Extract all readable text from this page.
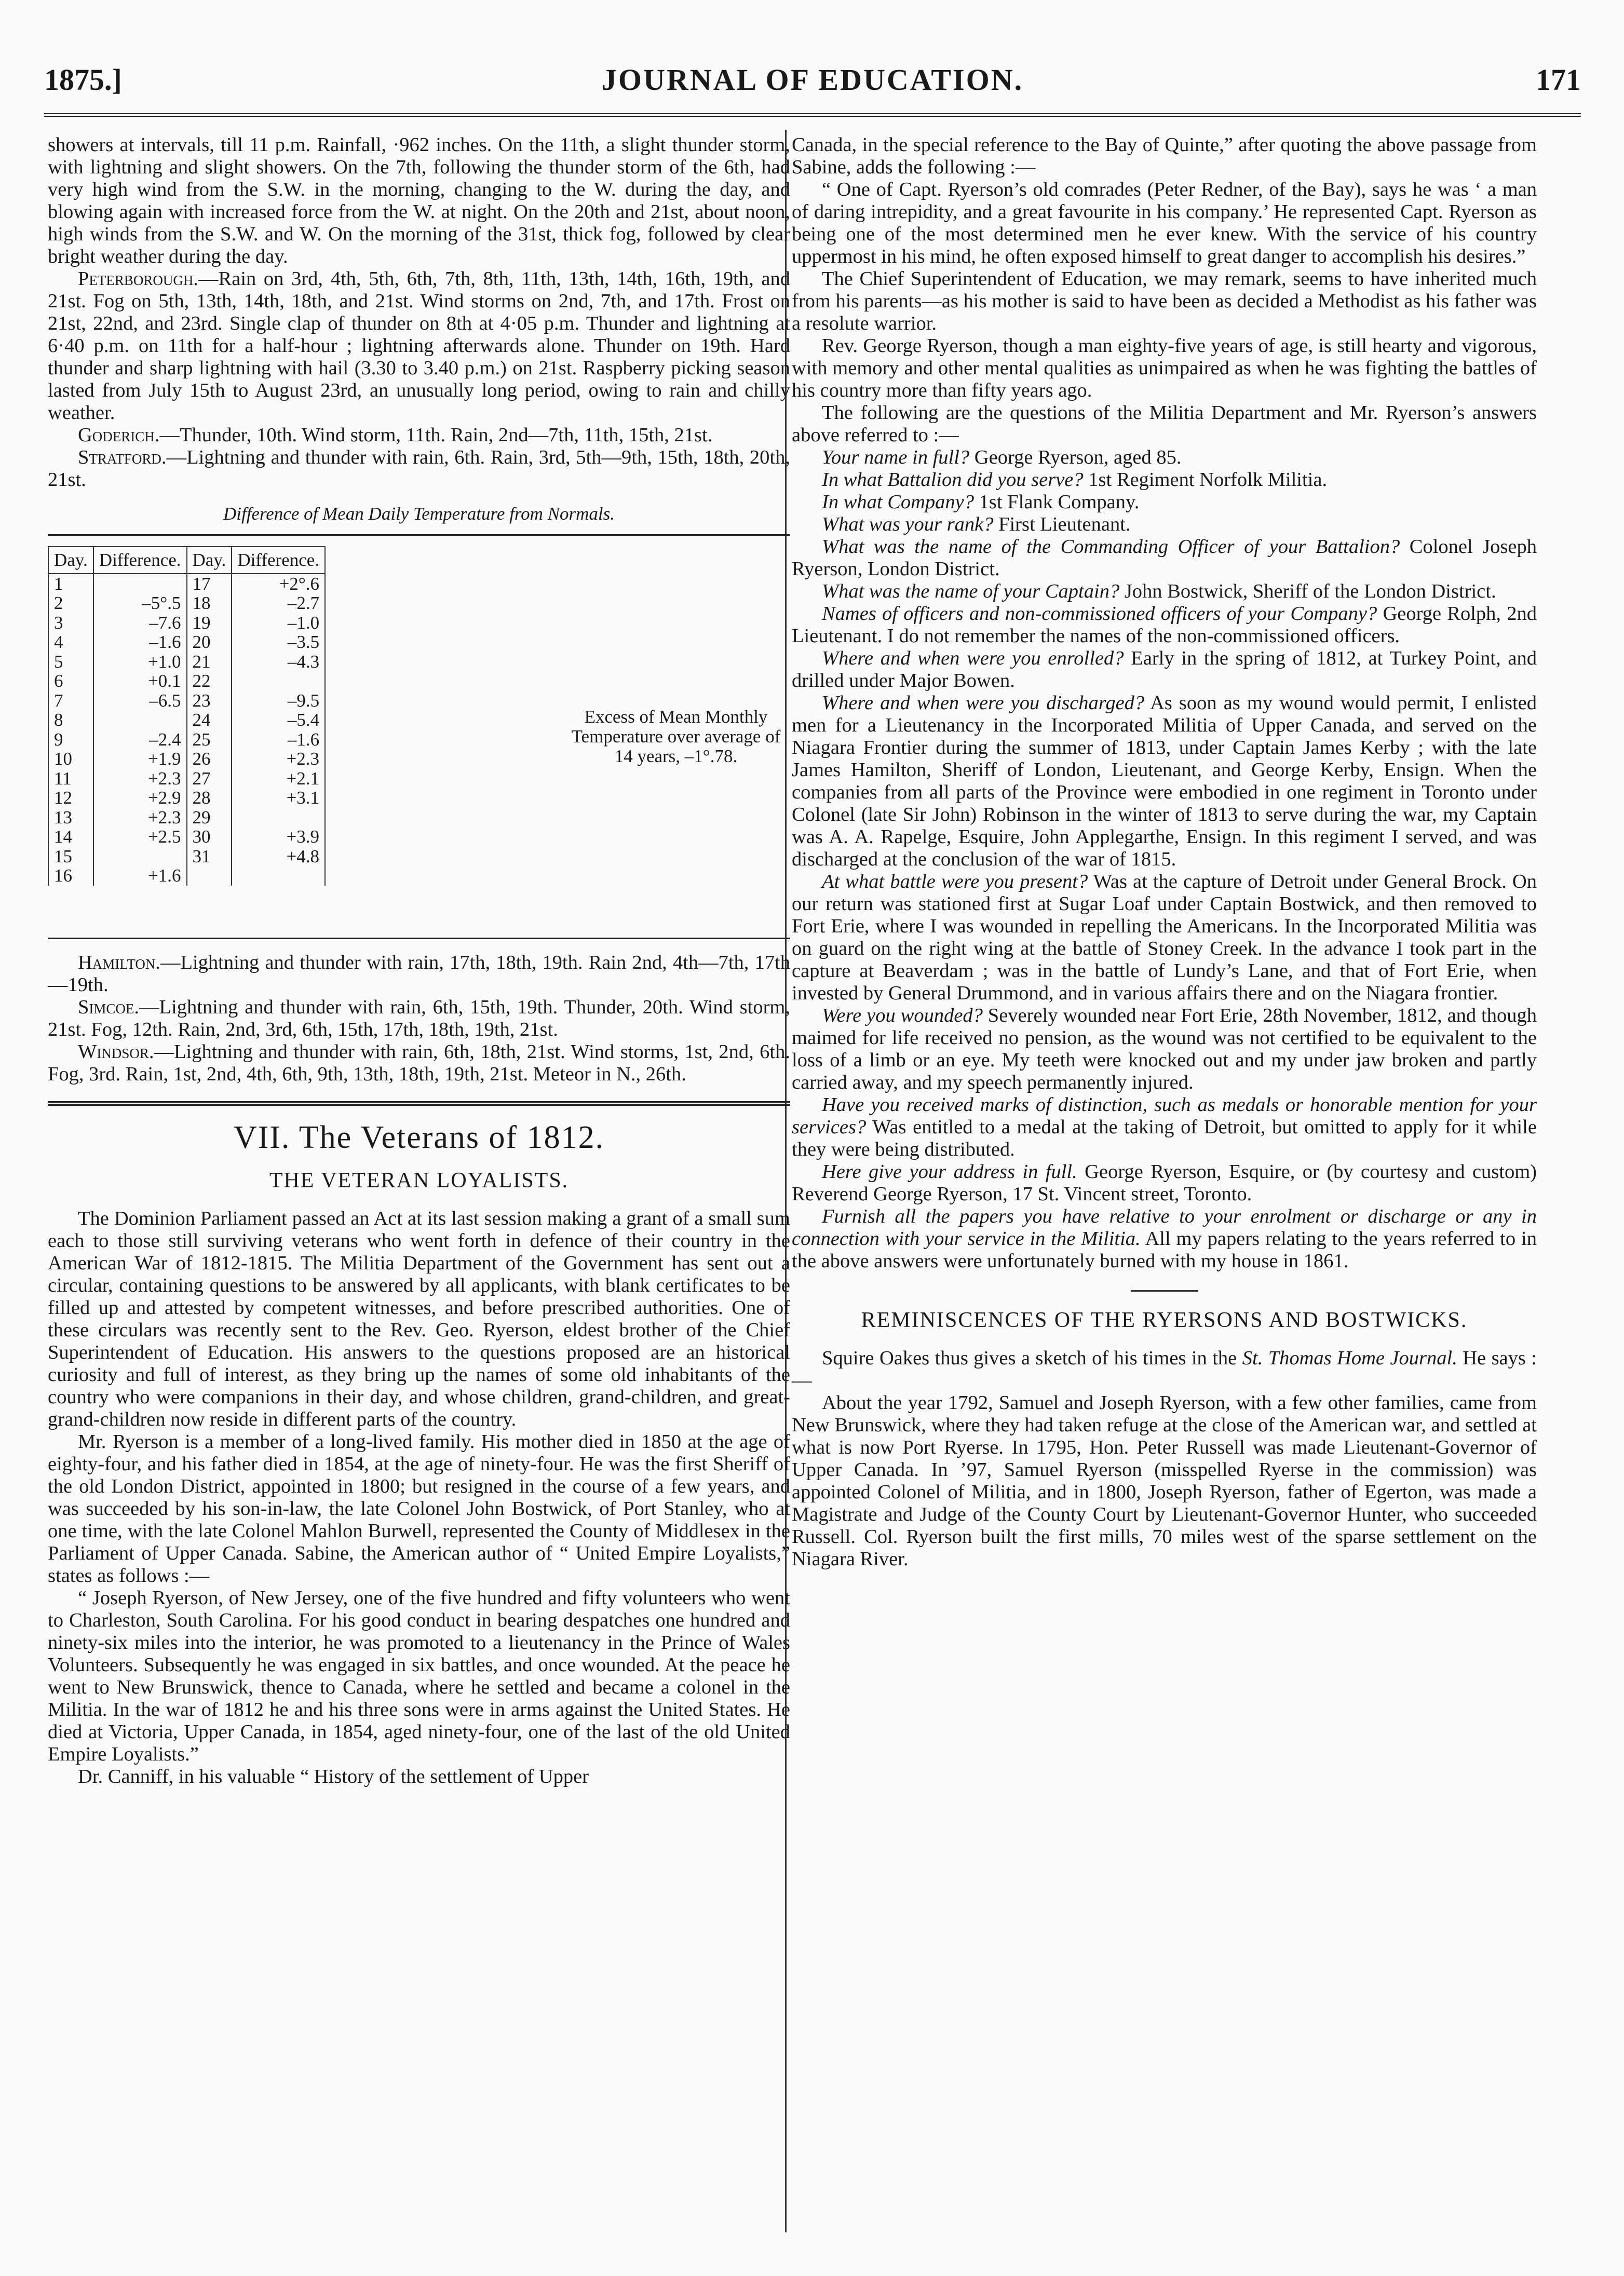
1875.]	JOURNAL OF EDUCATION.	171

showers at intervals, till 11 p.m. Rainfall, ·962 inches. On the 11th, a slight thunder storm, with lightning and slight showers. On the 7th, following the thunder storm of the 6th, had very high wind from the S.W. in the morning, changing to the W. during the day, and blowing again with increased force from the W. at night. On the 20th and 21st, about noon, high winds from the S.W. and W. On the morning of the 31st, thick fog, followed by clear bright weather during the day.

Peterborough.—Rain on 3rd, 4th, 5th, 6th, 7th, 8th, 11th, 13th, 14th, 16th, 19th, and 21st. Fog on 5th, 13th, 14th, 18th, and 21st. Wind storms on 2nd, 7th, and 17th. Frost on 21st, 22nd, and 23rd. Single clap of thunder on 8th at 4·05 p.m. Thunder and lightning at 6·40 p.m. on 11th for a half-hour ; lightning afterwards alone. Thunder on 19th. Hard thunder and sharp lightning with hail (3.30 to 3.40 p.m.) on 21st. Raspberry picking season lasted from July 15th to August 23rd, an unusually long period, owing to rain and chilly weather.

Goderich.—Thunder, 10th. Wind storm, 11th. Rain, 2nd—7th, 11th, 15th, 21st.

Stratford.—Lightning and thunder with rain, 6th. Rain, 3rd, 5th—9th, 15th, 18th, 20th, 21st.

Difference of Mean Daily Temperature from Normals.
Day.	Difference.	Day.	Difference.
1		17	+2°.6
2	–5°.5	18	–2.7
3	–7.6	19	–1.0
4	–1.6	20	–3.5
5	+1.0	21	–4.3
6	+0.1	22	
7	–6.5	23	–9.5
8		24	–5.4
9	–2.4	25	–1.6
10	+1.9	26	+2.3
11	+2.3	27	+2.1
12	+2.9	28	+3.1
13	+2.3	29	
14	+2.5	30	+3.9
15		31	+4.8
16	+1.6		
Excess of Mean Monthly Temperature over average of 14 years, –1°.78.

Hamilton.—Lightning and thunder with rain, 17th, 18th, 19th. Rain 2nd, 4th—7th, 17th—19th.

Simcoe.—Lightning and thunder with rain, 6th, 15th, 19th. Thunder, 20th. Wind storm, 21st. Fog, 12th. Rain, 2nd, 3rd, 6th, 15th, 17th, 18th, 19th, 21st.

Windsor.—Lightning and thunder with rain, 6th, 18th, 21st. Wind storms, 1st, 2nd, 6th. Fog, 3rd. Rain, 1st, 2nd, 4th, 6th, 9th, 13th, 18th, 19th, 21st. Meteor in N., 26th.

VII. The Veterans of 1812.
THE VETERAN LOYALISTS.

The Dominion Parliament passed an Act at its last session making a grant of a small sum each to those still surviving veterans who went forth in defence of their country in the American War of 1812-1815. The Militia Department of the Government has sent out a circular, containing questions to be answered by all applicants, with blank certificates to be filled up and attested by competent witnesses, and before prescribed authorities. One of these circulars was recently sent to the Rev. Geo. Ryerson, eldest brother of the Chief Superintendent of Education. His answers to the questions proposed are an historical curiosity and full of interest, as they bring up the names of some old inhabitants of the country who were companions in their day, and whose children, grand-children, and great-grand-children now reside in different parts of the country.

Mr. Ryerson is a member of a long-lived family. His mother died in 1850 at the age of eighty-four, and his father died in 1854, at the age of ninety-four. He was the first Sheriff of the old London District, appointed in 1800; but resigned in the course of a few years, and was succeeded by his son-in-law, the late Colonel John Bostwick, of Port Stanley, who at one time, with the late Colonel Mahlon Burwell, represented the County of Middlesex in the Parliament of Upper Canada. Sabine, the American author of “ United Empire Loyalists,” states as follows :—

“ Joseph Ryerson, of New Jersey, one of the five hundred and fifty volunteers who went to Charleston, South Carolina. For his good conduct in bearing despatches one hundred and ninety-six miles into the interior, he was promoted to a lieutenancy in the Prince of Wales Volunteers. Subsequently he was engaged in six battles, and once wounded. At the peace he went to New Brunswick, thence to Canada, where he settled and became a colonel in the Militia. In the war of 1812 he and his three sons were in arms against the United States. He died at Victoria, Upper Canada, in 1854, aged ninety-four, one of the last of the old United Empire Loyalists.”

Dr. Canniff, in his valuable “ History of the settlement of Upper

Canada, in the special reference to the Bay of Quinte,” after quoting the above passage from Sabine, adds the following :—

“ One of Capt. Ryerson’s old comrades (Peter Redner, of the Bay), says he was ‘ a man of daring intrepidity, and a great favourite in his company.’ He represented Capt. Ryerson as being one of the most determined men he ever knew. With the service of his country uppermost in his mind, he often exposed himself to great danger to accomplish his desires.”

The Chief Superintendent of Education, we may remark, seems to have inherited much from his parents—as his mother is said to have been as decided a Methodist as his father was a resolute warrior.

Rev. George Ryerson, though a man eighty-five years of age, is still hearty and vigorous, with memory and other mental qualities as unimpaired as when he was fighting the battles of his country more than fifty years ago.

The following are the questions of the Militia Department and Mr. Ryerson’s answers above referred to :—

Your name in full? George Ryerson, aged 85.

In what Battalion did you serve? 1st Regiment Norfolk Militia.

In what Company? 1st Flank Company.

What was your rank? First Lieutenant.

What was the name of the Commanding Officer of your Battalion? Colonel Joseph Ryerson, London District.

What was the name of your Captain? John Bostwick, Sheriff of the London District.

Names of officers and non-commissioned officers of your Company? George Rolph, 2nd Lieutenant. I do not remember the names of the non-commissioned officers.

Where and when were you enrolled? Early in the spring of 1812, at Turkey Point, and drilled under Major Bowen.

Where and when were you discharged? As soon as my wound would permit, I enlisted men for a Lieutenancy in the Incorporated Militia of Upper Canada, and served on the Niagara Frontier during the summer of 1813, under Captain James Kerby ; with the late James Hamilton, Sheriff of London, Lieutenant, and George Kerby, Ensign. When the companies from all parts of the Province were embodied in one regiment in Toronto under Colonel (late Sir John) Robinson in the winter of 1813 to serve during the war, my Captain was A. A. Rapelge, Esquire, John Applegarthe, Ensign. In this regiment I served, and was discharged at the conclusion of the war of 1815.

At what battle were you present? Was at the capture of Detroit under General Brock. On our return was stationed first at Sugar Loaf under Captain Bostwick, and then removed to Fort Erie, where I was wounded in repelling the Americans. In the Incorporated Militia was on guard on the right wing at the battle of Stoney Creek. In the advance I took part in the capture at Beaverdam ; was in the battle of Lundy’s Lane, and that of Fort Erie, when invested by General Drummond, and in various affairs there and on the Niagara frontier.

Were you wounded? Severely wounded near Fort Erie, 28th November, 1812, and though maimed for life received no pension, as the wound was not certified to be equivalent to the loss of a limb or an eye. My teeth were knocked out and my under jaw broken and partly carried away, and my speech permanently injured.

Have you received marks of distinction, such as medals or honorable mention for your services? Was entitled to a medal at the taking of Detroit, but omitted to apply for it while they were being distributed.

Here give your address in full. George Ryerson, Esquire, or (by courtesy and custom) Reverend George Ryerson, 17 St. Vincent street, Toronto.

Furnish all the papers you have relative to your enrolment or discharge or any in connection with your service in the Militia. All my papers relating to the years referred to in the above answers were unfortunately burned with my house in 1861.

REMINISCENCES OF THE RYERSONS AND BOSTWICKS.

Squire Oakes thus gives a sketch of his times in the St. Thomas Home Journal. He says :—

About the year 1792, Samuel and Joseph Ryerson, with a few other families, came from New Brunswick, where they had taken refuge at the close of the American war, and settled at what is now Port Ryerse. In 1795, Hon. Peter Russell was made Lieutenant-Governor of Upper Canada. In ’97, Samuel Ryerson (misspelled Ryerse in the commission) was appointed Colonel of Militia, and in 1800, Joseph Ryerson, father of Egerton, was made a Magistrate and Judge of the County Court by Lieutenant-Governor Hunter, who succeeded Russell. Col. Ryerson built the first mills, 70 miles west of the sparse settlement on the Niagara River.
